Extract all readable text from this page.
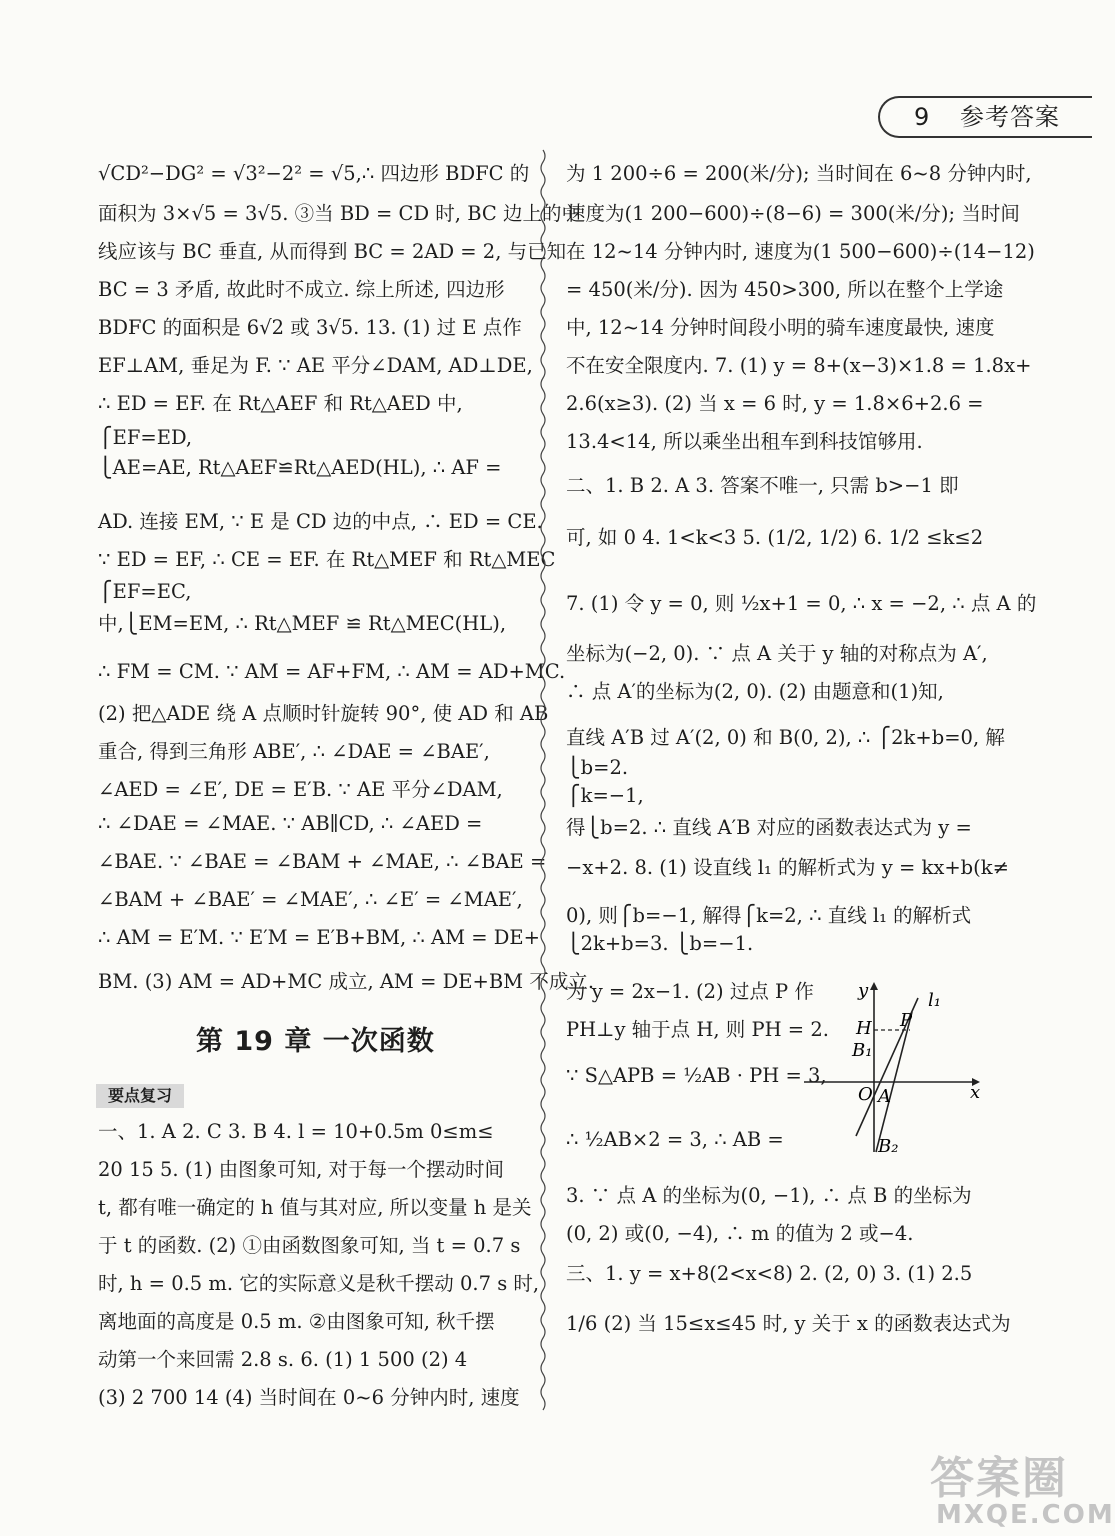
9 参考答案
√CD²−DG² = √3²−2² = √5,∴ 四边形 BDFC 的
面积为 3×√5 = 3√5. ③当 BD = CD 时, BC 边上的中
线应该与 BC 垂直, 从而得到 BC = 2AD = 2, 与已知
BC = 3 矛盾, 故此时不成立. 综上所述, 四边形
BDFC 的面积是 6√2 或 3√5. 13. (1) 过 E 点作
EF⊥AM, 垂足为 F. ∵ AE 平分∠DAM, AD⊥DE,
∴ ED = EF. 在 Rt△AEF 和 Rt△AED 中,
⎧EF=ED,
⎩AE=AE, Rt△AEF≌Rt△AED(HL), ∴ AF =
AD. 连接 EM, ∵ E 是 CD 边的中点, ∴ ED = CE.
∵ ED = EF, ∴ CE = EF. 在 Rt△MEF 和 Rt△MEC
⎧EF=EC,
中,⎩EM=EM, ∴ Rt△MEF ≌ Rt△MEC(HL),
∴ FM = CM. ∵ AM = AF+FM, ∴ AM = AD+MC.
(2) 把△ADE 绕 A 点顺时针旋转 90°, 使 AD 和 AB
重合, 得到三角形 ABE′, ∴ ∠DAE = ∠BAE′,
∠AED = ∠E′, DE = E′B. ∵ AE 平分∠DAM,
∴ ∠DAE = ∠MAE. ∵ AB∥CD, ∴ ∠AED =
∠BAE. ∵ ∠BAE = ∠BAM + ∠MAE, ∴ ∠BAE =
∠BAM + ∠BAE′ = ∠MAE′, ∴ ∠E′ = ∠MAE′,
∴ AM = E′M. ∵ E′M = E′B+BM, ∴ AM = DE+
BM. (3) AM = AD+MC 成立, AM = DE+BM 不成立.
一、1. A 2. C 3. B 4. l = 10+0.5m 0≤m≤
20 15 5. (1) 由图象可知, 对于每一个摆动时间
t, 都有唯一确定的 h 值与其对应, 所以变量 h 是关
于 t 的函数. (2) ①由函数图象可知, 当 t = 0.7 s
时, h = 0.5 m. 它的实际意义是秋千摆动 0.7 s 时,
离地面的高度是 0.5 m. ②由图象可知, 秋千摆
动第一个来回需 2.8 s. 6. (1) 1 500 (2) 4
(3) 2 700 14 (4) 当时间在 0~6 分钟内时, 速度
为 1 200÷6 = 200(米/分); 当时间在 6~8 分钟内时,
速度为(1 200−600)÷(8−6) = 300(米/分); 当时间
在 12~14 分钟内时, 速度为(1 500−600)÷(14−12)
= 450(米/分). 因为 450>300, 所以在整个上学途
中, 12~14 分钟时间段小明的骑车速度最快, 速度
不在安全限度内. 7. (1) y = 8+(x−3)×1.8 = 1.8x+
2.6(x≥3). (2) 当 x = 6 时, y = 1.8×6+2.6 =
13.4<14, 所以乘坐出租车到科技馆够用.
二、1. B 2. A 3. 答案不唯一, 只需 b>−1 即
可, 如 0 4. 1<k<3 5. (1/2, 1/2) 6. 1/2 ≤k≤2
7. (1) 令 y = 0, 则 ½x+1 = 0, ∴ x = −2, ∴ 点 A 的
坐标为(−2, 0). ∵ 点 A 关于 y 轴的对称点为 A′,
∴ 点 A′的坐标为(2, 0). (2) 由题意和(1)知,
直线 A′B 过 A′(2, 0) 和 B(0, 2), ∴ ⎧2k+b=0, 解
⎩b=2.
⎧k=−1,
得⎩b=2. ∴ 直线 A′B 对应的函数表达式为 y =
−x+2. 8. (1) 设直线 l₁ 的解析式为 y = kx+b(k≠
0), 则⎧b=−1, 解得⎧k=2, ∴ 直线 l₁ 的解析式
⎩2k+b=3. ⎩b=−1.
为 y = 2x−1. (2) 过点 P 作
PH⊥y 轴于点 H, 则 PH = 2.
∵ S△APB = ½AB · PH = 3,
∴ ½AB×2 = 3, ∴ AB =
3. ∵ 点 A 的坐标为(0, −1), ∴ 点 B 的坐标为
(0, 2) 或(0, −4), ∴ m 的值为 2 或−4.
三、1. y = x+8(2<x<8) 2. (2, 0) 3. (1) 2.5
1/6 (2) 当 15≤x≤45 时, y 关于 x 的函数表达式为
第 19 章 一次函数
要点复习
y
x
l₁
P
H
B₁
O A
B₂
答案圈
MXQE.COM
